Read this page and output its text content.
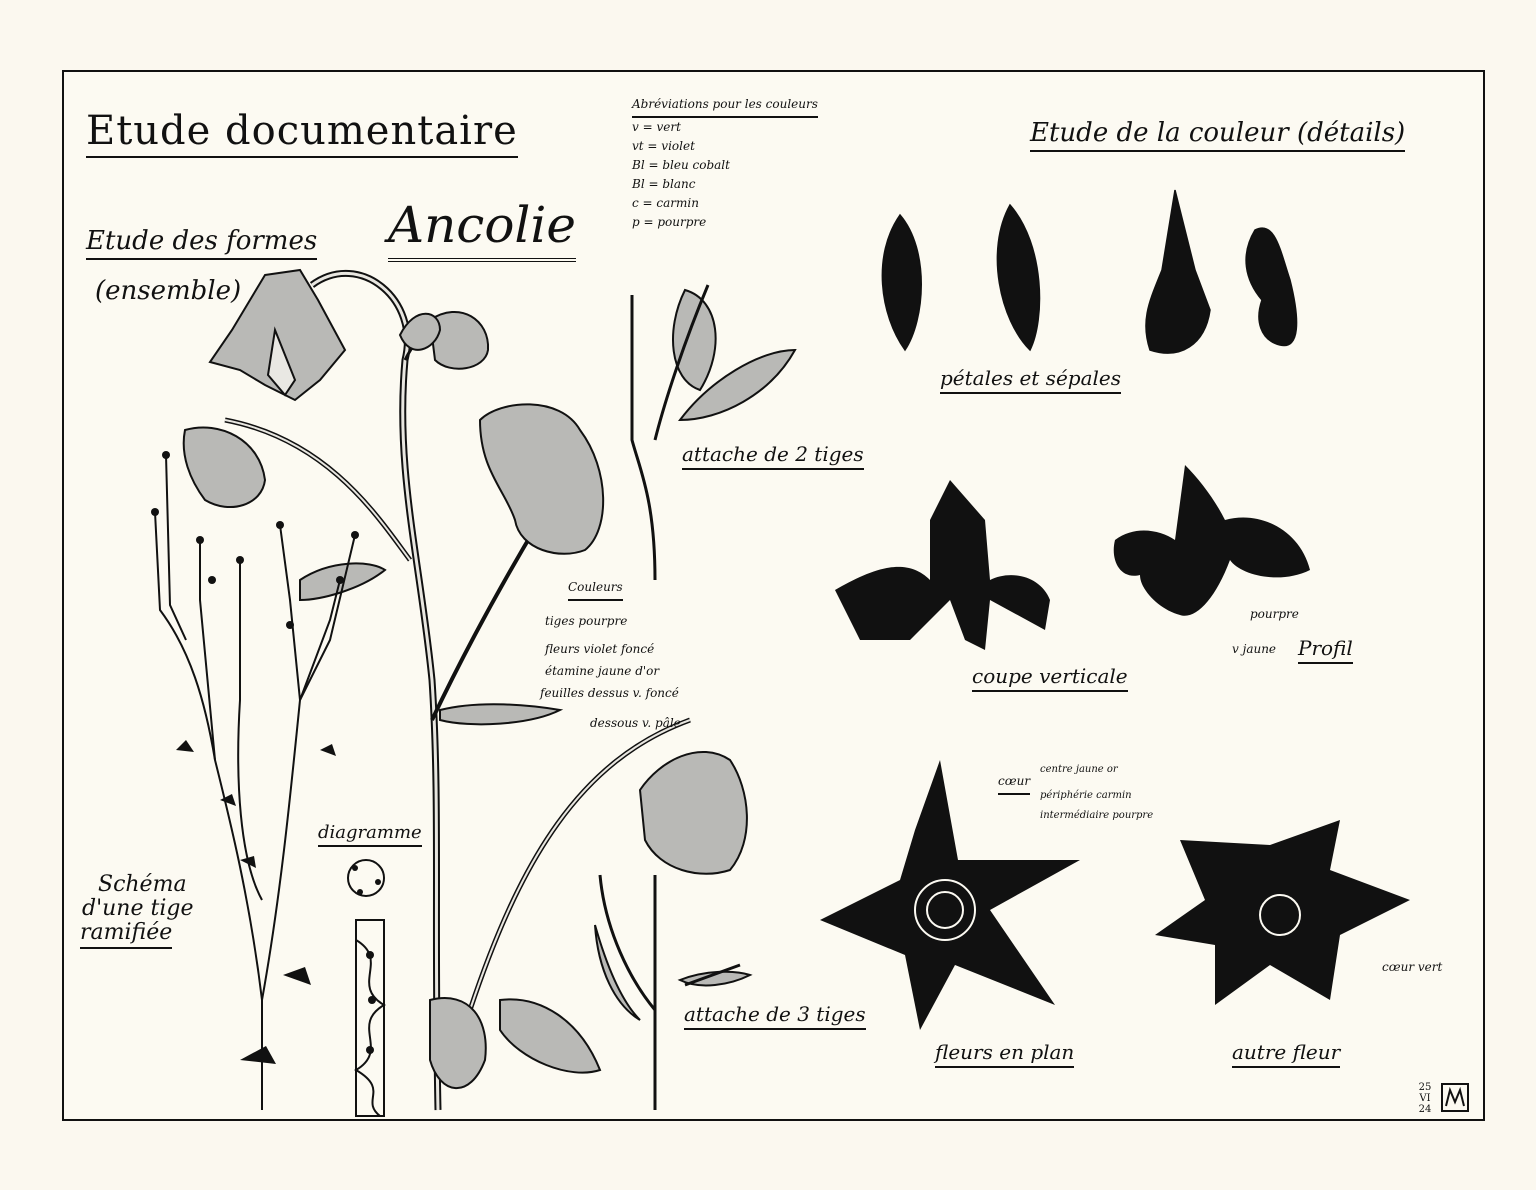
Etude documentaire
Ancolie
Etude des formes
(ensemble)
Etude de la couleur (détails)
Abréviations pour les couleurs
v = vert
vt = violet
Bl = bleu cobalt
Bl = blanc
c = carmin
p = pourpre
Couleurs
tiges pourpre
fleurs violet foncé
étamine jaune d'or
feuilles dessus v. foncé
dessous v. pâle
attache de 2 tiges
attache de 3 tiges
diagramme
Schéma
d'une tige
ramifiée
pétales et sépales
coupe verticale
v jaune Profil
pourpre
cœur
centre jaune or
périphérie carmin
intermédiaire pourpre
cœur vert
fleurs en plan	autre fleur
25
VI
24
